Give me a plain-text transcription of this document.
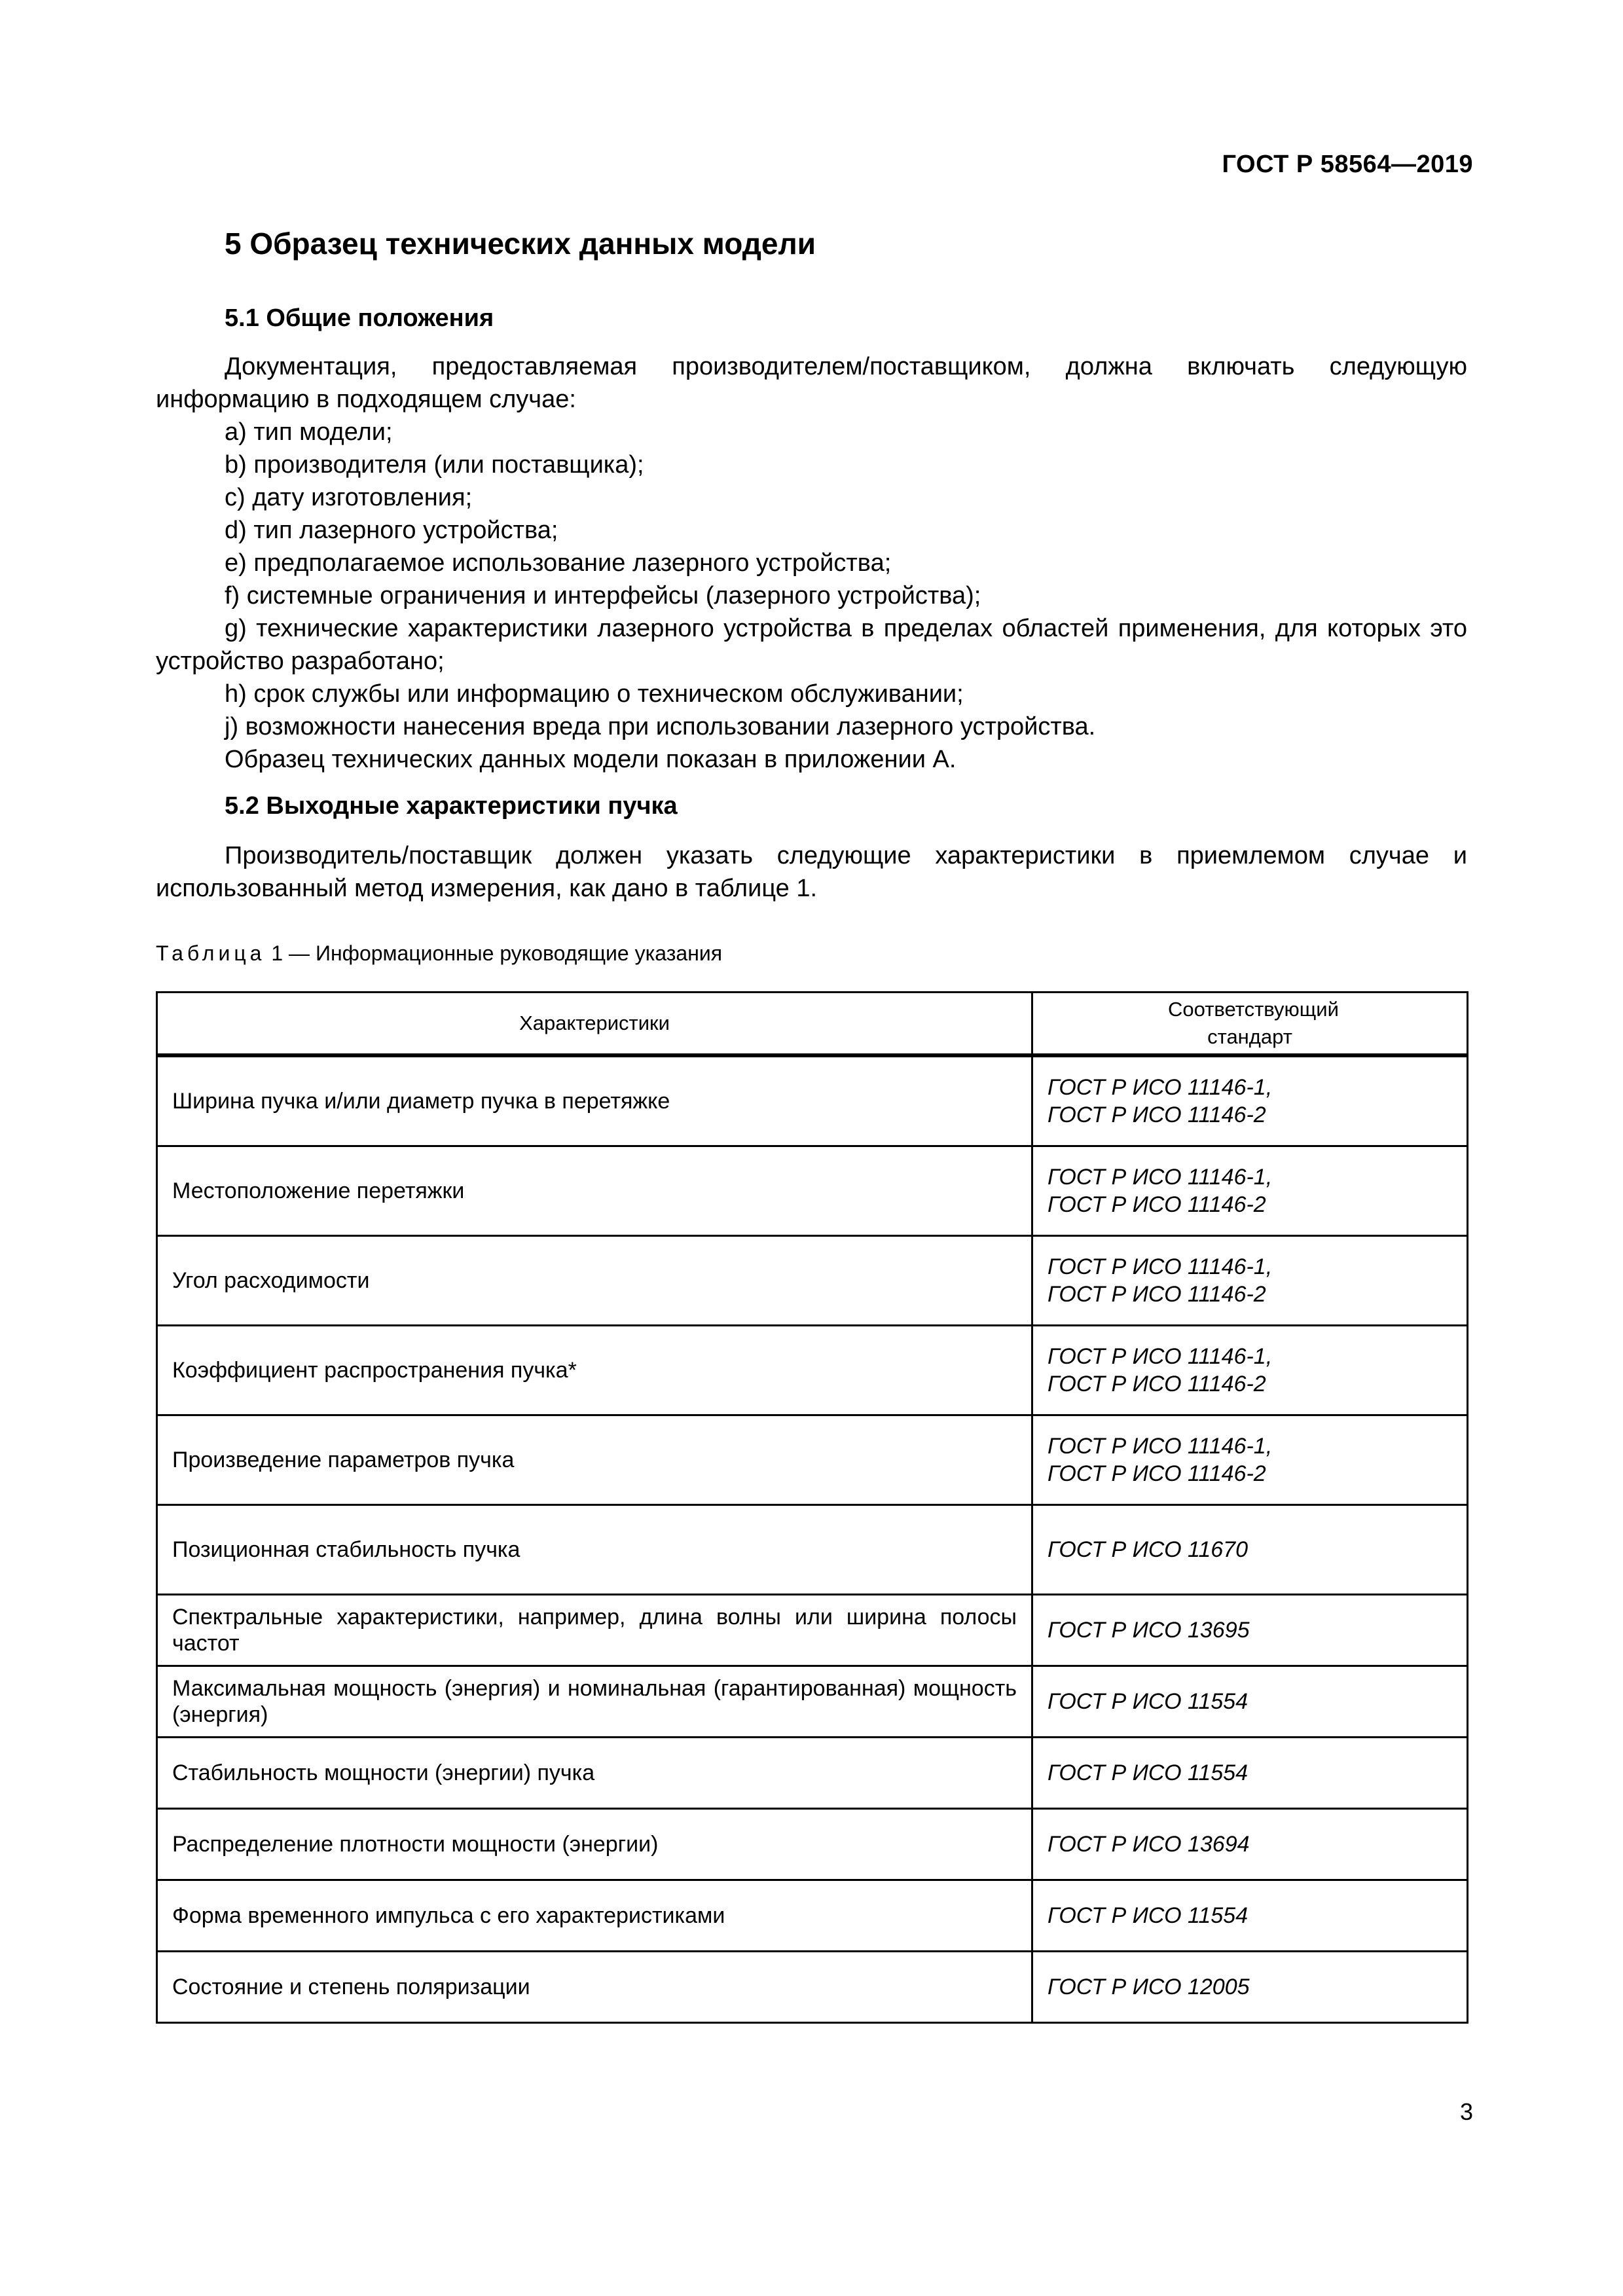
ГОСТ Р 58564—2019
5 Образец технических данных модели
5.1 Общие положения
Документация, предоставляемая производителем/поставщиком, должна включать следующую информацию в подходящем случае:
a) тип модели;
b) производителя (или поставщика);
c) дату изготовления;
d) тип лазерного устройства;
e) предполагаемое использование лазерного устройства;
f) системные ограничения и интерфейсы (лазерного устройства);
g) технические характеристики лазерного устройства в пределах областей применения, для которых это устройство разработано;
h) срок службы или информацию о техническом обслуживании;
j) возможности нанесения вреда при использовании лазерного устройства.
Образец технических данных модели показан в приложении А.
5.2 Выходные характеристики пучка
Производитель/поставщик должен указать следующие характеристики в приемлемом случае и использованный метод измерения, как дано в таблице 1.
Таблица 1 — Информационные руководящие указания
Характеристики	Соответствующий стандарт

Ширина пучка и/или диаметр пучка в перетяжке	ГОСТ Р ИСО 11146-1,
ГОСТ Р ИСО 11146-2

Местоположение перетяжки	ГОСТ Р ИСО 11146-1,
ГОСТ Р ИСО 11146-2

Угол расходимости	ГОСТ Р ИСО 11146-1,
ГОСТ Р ИСО 11146-2

Коэффициент распространения пучка*	ГОСТ Р ИСО 11146-1,
ГОСТ Р ИСО 11146-2

Произведение параметров пучка	ГОСТ Р ИСО 11146-1,
ГОСТ Р ИСО 11146-2

Позиционная стабильность пучка	ГОСТ Р ИСО 11670
Спектральные характеристики, например, длина волны или ширина полосы частот	ГОСТ Р ИСО 13695
Максимальная мощность (энергия) и номинальная (гарантированная) мощность (энергия)	ГОСТ Р ИСО 11554
Стабильность мощности (энергии) пучка	ГОСТ Р ИСО 11554
Распределение плотности мощности (энергии)	ГОСТ Р ИСО 13694
Форма временного импульса с его характеристиками	ГОСТ Р ИСО 11554
Состояние и степень поляризации	ГОСТ Р ИСО 12005
3
